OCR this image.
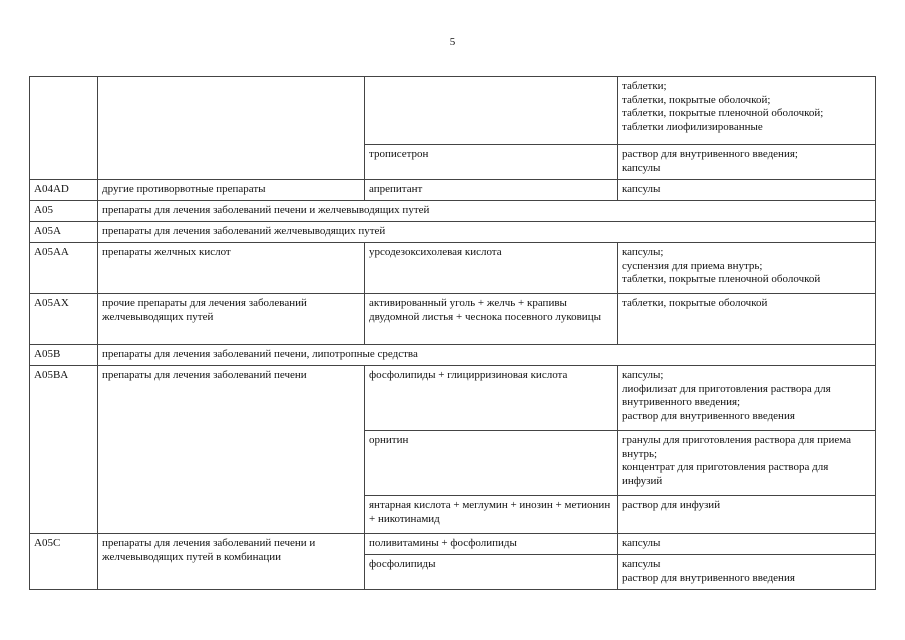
5

			таблетки;
таблетки, покрытые оболочкой;
таблетки, покрытые пленочной оболочкой;
таблетки лиофилизированные

		трописетрон	раствор для внутривенного введения;
капсулы

A04AD	другие противорвотные препараты	апрепитант	капсулы

A05	препараты для лечения заболеваний печени и желчевыводящих путей		
A05A	препараты для лечения заболеваний желчевыводящих путей		
A05AA	препараты желчных кислот	урсодезоксихолевая кислота	капсулы;
суспензия для приема внутрь;
таблетки, покрытые пленочной оболочкой

A05AX	прочие препараты для лечения заболеваний желчевыводящих путей	активированный уголь + желчь + крапивы двудомной листья + чеснока посевного луковицы	таблетки, покрытые оболочкой

A05B	препараты для лечения заболеваний печени, липотропные средства		
A05BA	препараты для лечения заболеваний печени	фосфолипиды + глицирризиновая кислота	капсулы;
лиофилизат для приготовления раствора для внутривенного введения;
раствор для внутривенного введения

		орнитин	гранулы для приготовления раствора для приема внутрь;
концентрат для приготовления раствора для инфузий

		янтарная кислота + меглумин + инозин + метионин + никотинамид	раствор для инфузий

A05C	препараты для лечения заболеваний печени и желчевыводящих путей в комбинации	поливитамины + фосфолипиды	капсулы

		фосфолипиды	капсулы
раствор для внутривенного введения
